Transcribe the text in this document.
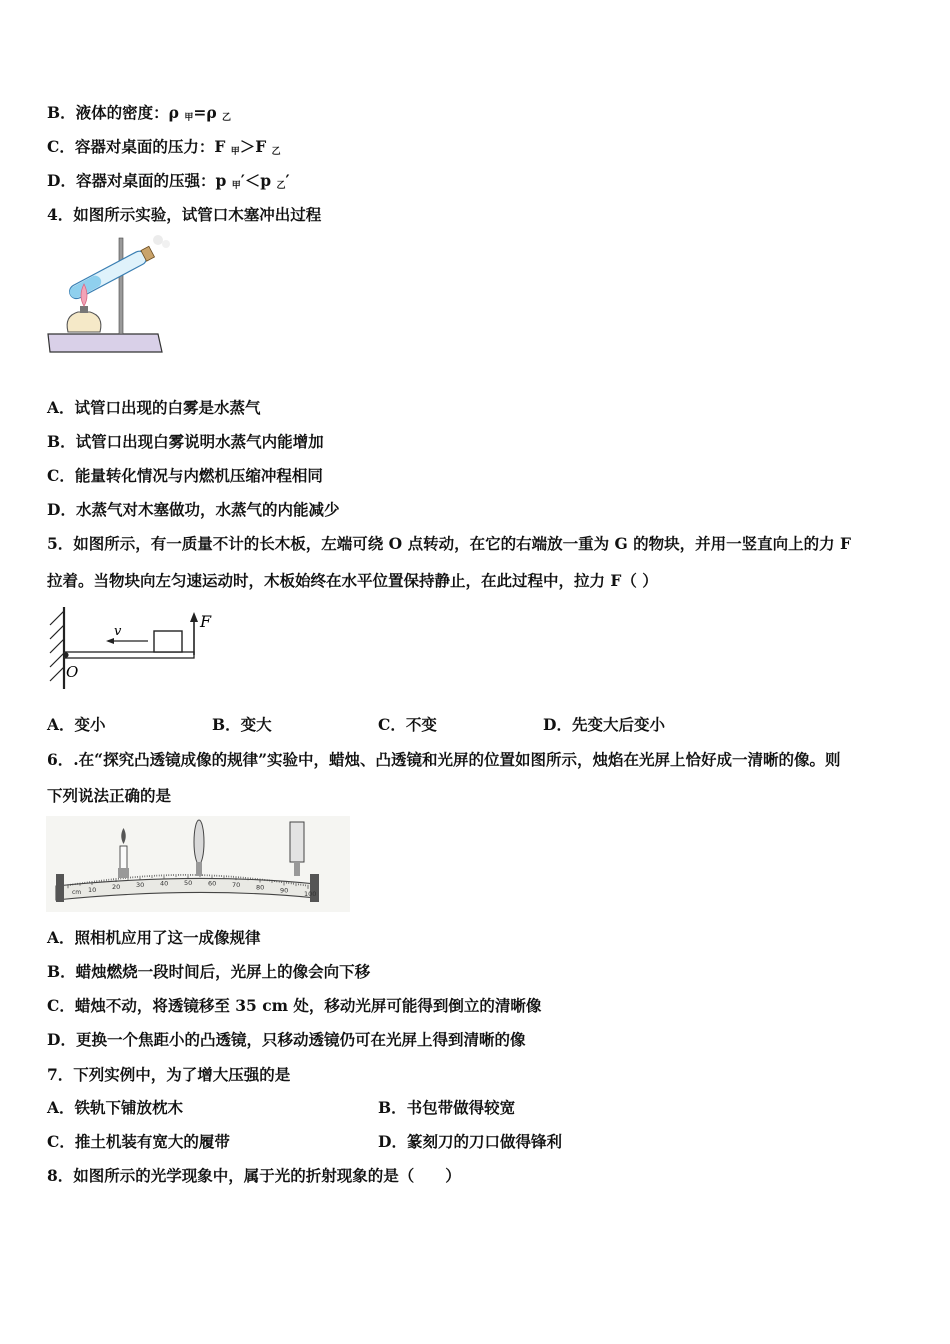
B．液体的密度：ρ $_甲$=ρ $_乙$
C．容器对桌面的压力：F $_甲$＞F $_乙$
D．容器对桌面的压强：p $_甲$′＜p $_乙$′
4．如图所示实验，试管口木塞冲出过程
A．试管口出现的白雾是水蒸气
B．试管口出现白雾说明水蒸气内能增加
C．能量转化情况与内燃机压缩冲程相同
D．水蒸气对木塞做功，水蒸气的内能减少
5．如图所示，有一质量不计的长木板，左端可绕 O 点转动，在它的右端放一重为 G 的物块，并用一竖直向上的力 F
拉着。当物块向左匀速运动时，木板始终在水平位置保持静止，在此过程中，拉力 F（ ）
v
F
O
A．变小	B．变大	C．不变	D．先变大后变小
6．.在“探究凸透镜成像的规律”实验中，蜡烛、凸透镜和光屏的位置如图所示，烛焰在光屏上恰好成一清晰的像。则
下列说法正确的是
10 20 30 40 50 60 70 80 90 100
cm
A．照相机应用了这一成像规律
B．蜡烛燃烧一段时间后，光屏上的像会向下移
C．蜡烛不动，将透镜移至 35 cm 处，移动光屏可能得到倒立的清晰像
D．更换一个焦距小的凸透镜，只移动透镜仍可在光屏上得到清晰的像
7．下列实例中，为了增大压强的是
A．铁轨下铺放枕木	B．书包带做得较宽
C．推土机装有宽大的履带	D．篆刻刀的刀口做得锋利
8．如图所示的光学现象中，属于光的折射现象的是（　　）
